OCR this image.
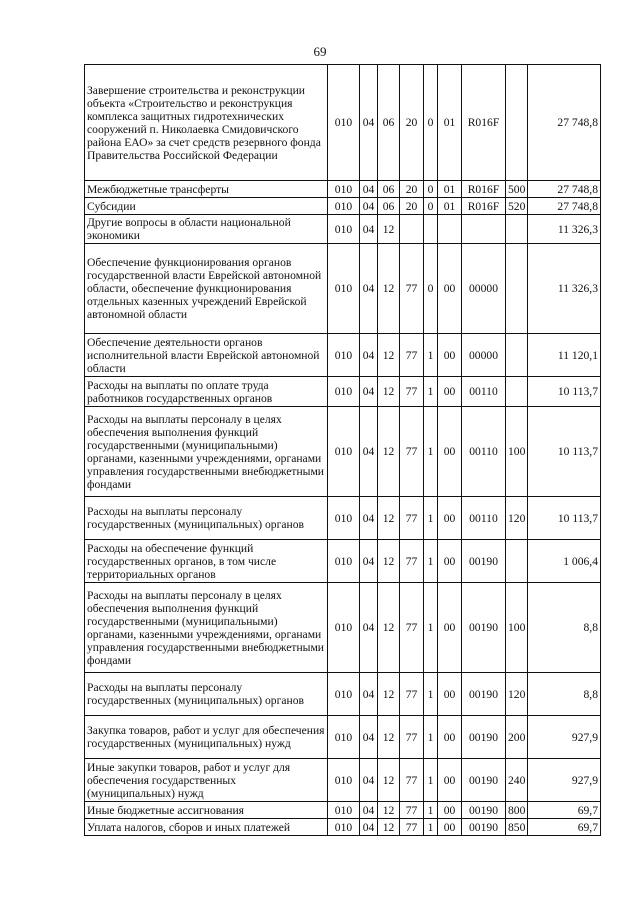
69
Завершение строительства и реконструкции объекта «Строительство и реконструкция комплекса защитных гидротехнических сооружений п. Николаевка Смидовичского района ЕАО» за счет средств резервного фонда Правительства Российской Федерации	010	04	06	20	0	01	R016F		27 748,8
Межбюджетные трансферты	010	04	06	20	0	01	R016F	500	27 748,8
Субсидии	010	04	06	20	0	01	R016F	520	27 748,8
Другие вопросы в области национальной экономики	010	04	12						11 326,3
Обеспечение функционирования органов государственной власти Еврейской автономной области, обеспечение функционирования отдельных казенных учреждений Еврейской автономной области	010	04	12	77	0	00	00000		11 326,3
Обеспечение деятельности органов исполнительной власти Еврейской автономной области	010	04	12	77	1	00	00000		11 120,1
Расходы на выплаты по оплате труда работников государственных органов	010	04	12	77	1	00	00110		10 113,7
Расходы на выплаты персоналу в целях обеспечения выполнения функций государственными (муниципальными) органами, казенными учреждениями, органами управления государственными внебюджетными фондами	010	04	12	77	1	00	00110	100	10 113,7
Расходы на выплаты персоналу государственных (муниципальных) органов	010	04	12	77	1	00	00110	120	10 113,7
Расходы на обеспечение функций государственных органов, в том числе территориальных органов	010	04	12	77	1	00	00190		1 006,4
Расходы на выплаты персоналу в целях обеспечения выполнения функций государственными (муниципальными) органами, казенными учреждениями, органами управления государственными внебюджетными фондами	010	04	12	77	1	00	00190	100	8,8
Расходы на выплаты персоналу государственных (муниципальных) органов	010	04	12	77	1	00	00190	120	8,8
Закупка товаров, работ и услуг для обеспечения государственных (муниципальных) нужд	010	04	12	77	1	00	00190	200	927,9
Иные закупки товаров, работ и услуг для обеспечения государственных (муниципальных) нужд	010	04	12	77	1	00	00190	240	927,9
Иные бюджетные ассигнования	010	04	12	77	1	00	00190	800	69,7
Уплата налогов, сборов и иных платежей	010	04	12	77	1	00	00190	850	69,7
